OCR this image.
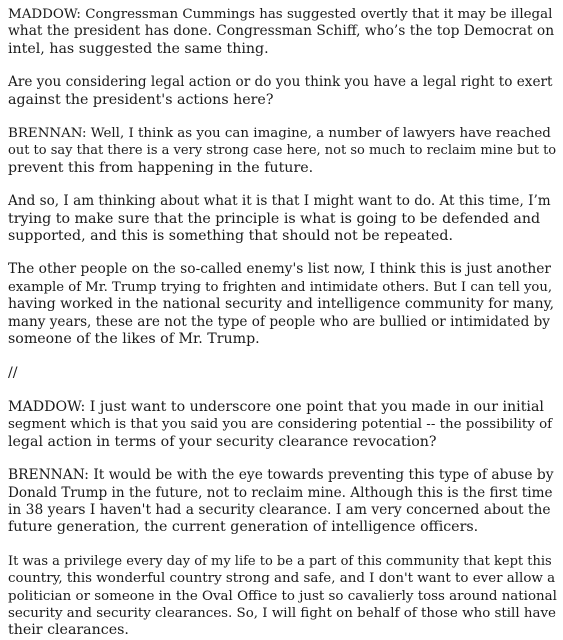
MADDOW: Congressman Cummings has suggested overtly that it may be illegal
what the president has done. Congressman Schiff, who’s the top Democrat on
intel, has suggested the same thing.

Are you considering legal action or do you think you have a legal right to exert
against the president's actions here?

BRENNAN: Well, I think as you can imagine, a number of lawyers have reached
out to say that there is a very strong case here, not so much to reclaim mine but to
prevent this from happening in the future.

And so, I am thinking about what it is that I might want to do. At this time, I’m
trying to make sure that the principle is what is going to be defended and
supported, and this is something that should not be repeated.

The other people on the so-called enemy's list now, I think this is just another
example of Mr. Trump trying to frighten and intimidate others. But I can tell you,
having worked in the national security and intelligence community for many,
many years, these are not the type of people who are bullied or intimidated by
someone of the likes of Mr. Trump.

//

MADDOW: I just want to underscore one point that you made in our initial
segment which is that you said you are considering potential -- the possibility of
legal action in terms of your security clearance revocation?

BRENNAN: It would be with the eye towards preventing this type of abuse by
Donald Trump in the future, not to reclaim mine. Although this is the first time
in 38 years I haven't had a security clearance. I am very concerned about the
future generation, the current generation of intelligence officers.

It was a privilege every day of my life to be a part of this community that kept this
country, this wonderful country strong and safe, and I don't want to ever allow a
politician or someone in the Oval Office to just so cavalierly toss around national
security and security clearances. So, I will fight on behalf of those who still have
their clearances.
